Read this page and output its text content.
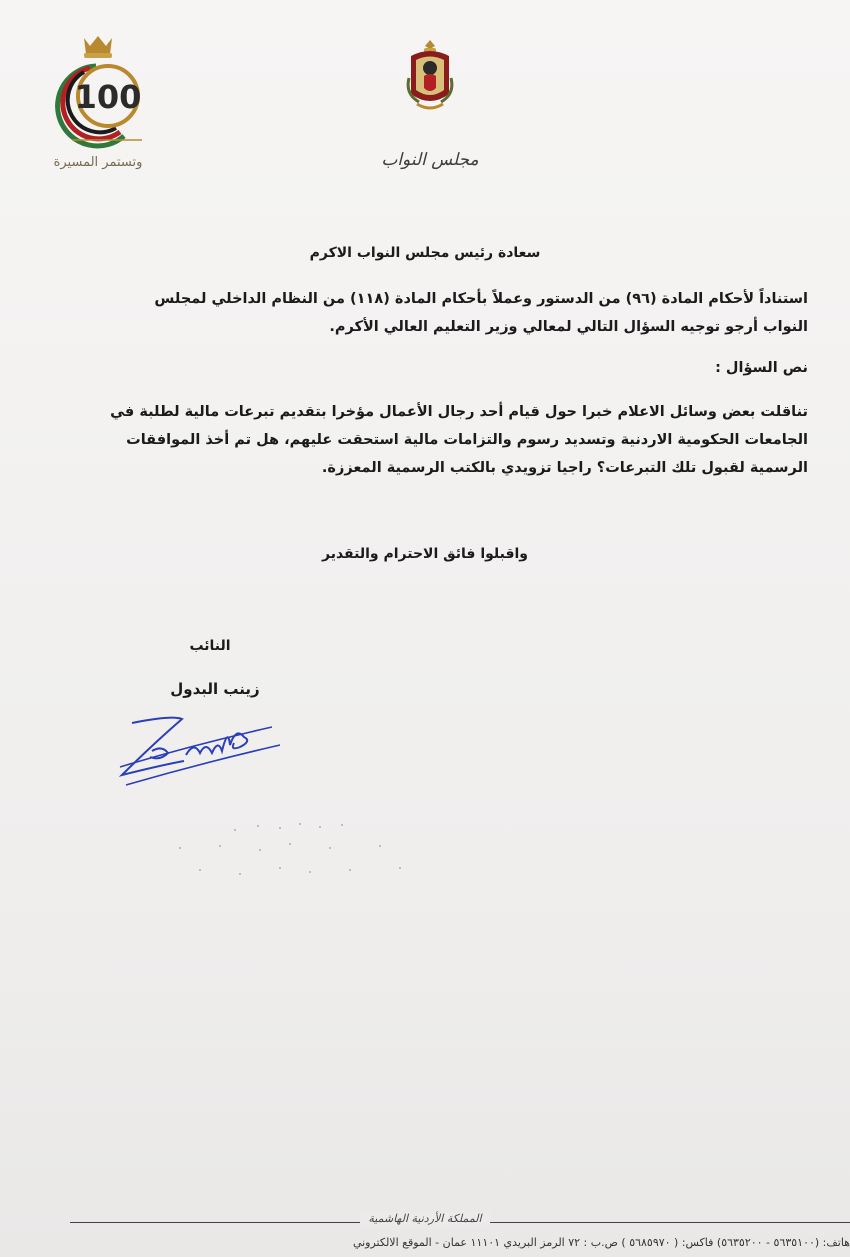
مجلس النواب
100
وتستمر المسيرة
سعادة رئيس مجلس النواب الاكرم
استناداً لأحكام المادة (٩٦) من الدستور وعملاً بأحكام المادة (١١٨) من النظام الداخلي لمجلس النواب أرجو توجيه السؤال التالي لمعالي وزير التعليم العالي الأكرم.
نص السؤال :
تناقلت بعض وسائل الاعلام خبرا حول قيام أحد رجال الأعمال مؤخرا بتقديم تبرعات مالية لطلبة في الجامعات الحكومية الاردنية وتسديد رسوم والتزامات مالية استحقت عليهم، هل تم أخذ الموافقات الرسمية لقبول تلك التبرعات؟ راجيا تزويدي بالكتب الرسمية المعززة.
واقبلوا فائق الاحترام والتقدير
النائب
زينب البدول
المملكة الأردنية الهاشمية
هاتف: (٥٦٣٥١٠٠ - ٥٦٣٥٢٠٠) فاكس: ( ٥٦٨٥٩٧٠ ) ص.ب : ٧٢ الرمز البريدي ١١١٠١ عمان - الموقع الالكتروني
